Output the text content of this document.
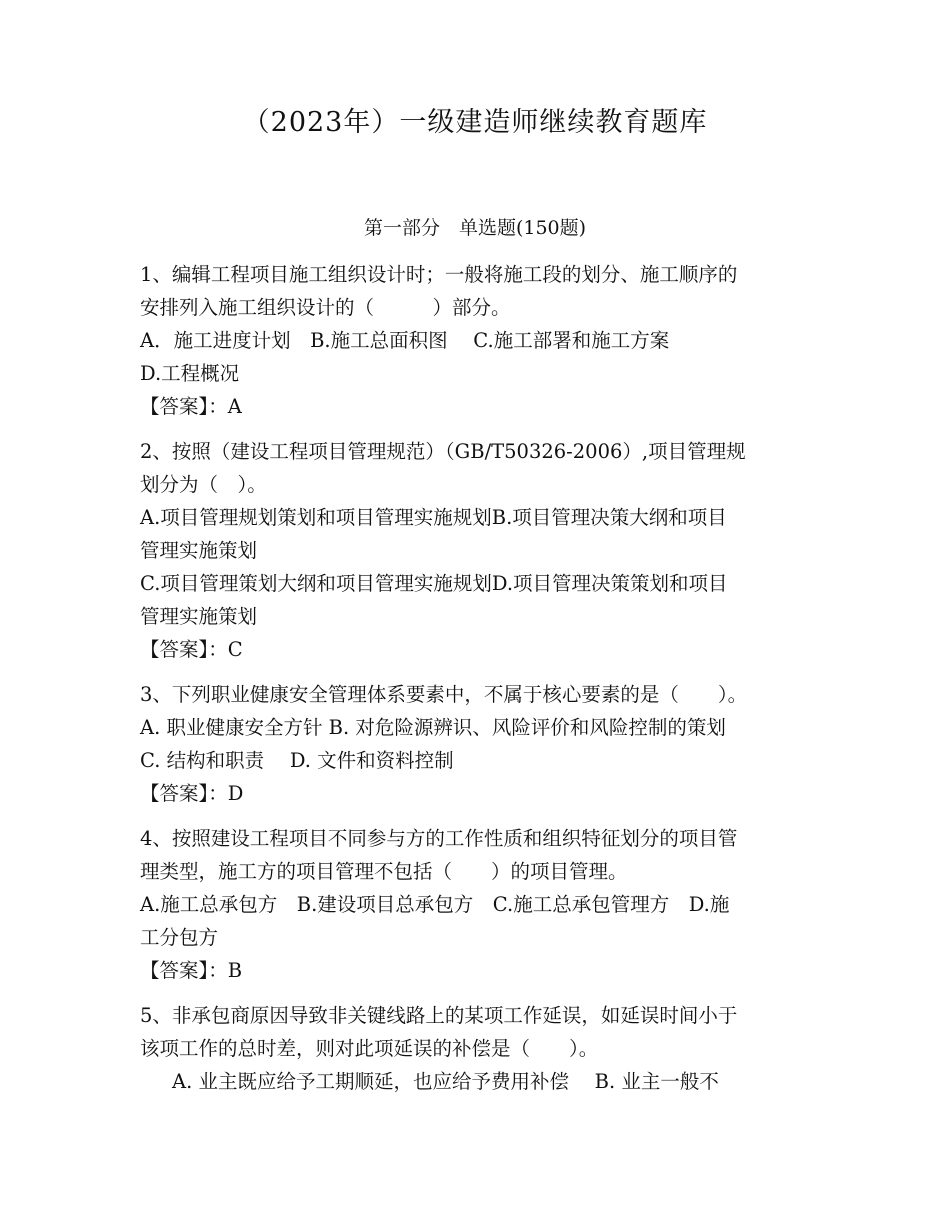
（2023年）一级建造师继续教育题库
第一部分　单选题(150题)
1、编辑工程项目施工组织设计时；一般将施工段的划分、施工顺序的
安排列入施工组织设计的（　　　）部分。
A．施工进度计划　B.施工总面积图　 C.施工部署和施工方案
D.工程概况
【答案】：A
2、按照（建设工程项目管理规范）（GB/T50326-2006）,项目管理规
划分为（　）。
A.项目管理规划策划和项目管理实施规划B.项目管理决策大纲和项目
管理实施策划
C.项目管理策划大纲和项目管理实施规划D.项目管理决策策划和项目
管理实施策划
【答案】：C
3、下列职业健康安全管理体系要素中，不属于核心要素的是（　　）。
A. 职业健康安全方针 B. 对危险源辨识、风险评价和风险控制的策划
C. 结构和职责　 D. 文件和资料控制
【答案】：D
4、按照建设工程项目不同参与方的工作性质和组织特征划分的项目管
理类型，施工方的项目管理不包括（　　）的项目管理。
A.施工总承包方　B.建设项目总承包方　C.施工总承包管理方　D.施
工分包方
【答案】：B
5、非承包商原因导致非关键线路上的某项工作延误，如延误时间小于
该项工作的总时差，则对此项延误的补偿是（　　）。
A. 业主既应给予工期顺延，也应给予费用补偿　 B. 业主一般不
